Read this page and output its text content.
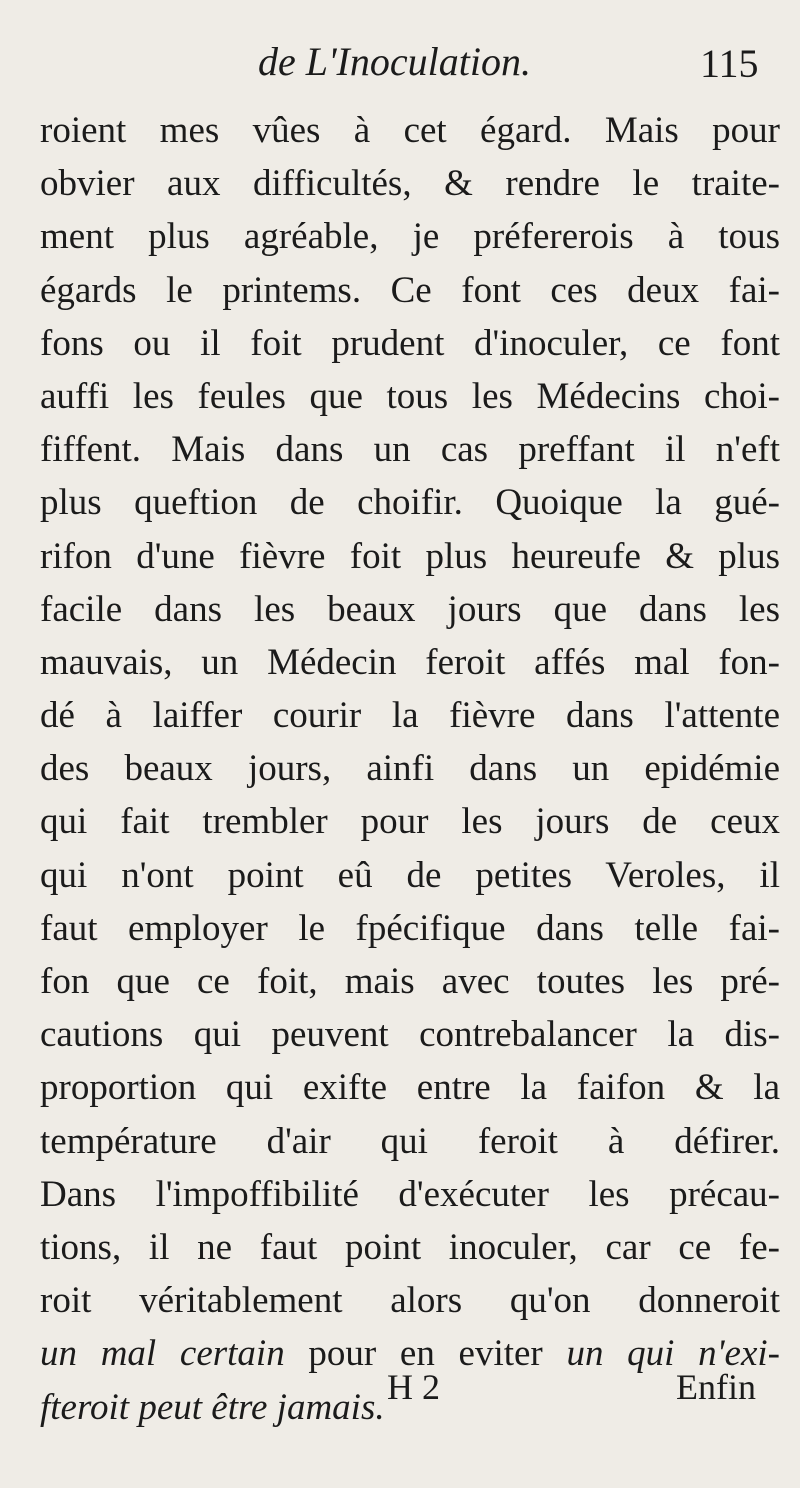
de L'Inoculation.	115
roient mes vûes à cet égard. Mais pour
obvier aux difficultés, & rendre le traite-
ment plus agréable, je préfererois à tous
égards le printems. Ce font ces deux fai-
fons ou il foit prudent d'inoculer, ce font
auffi les feules que tous les Médecins choi-
fiffent. Mais dans un cas preffant il n'eft
plus queftion de choifir. Quoique la gué-
rifon d'une fièvre foit plus heureufe & plus
facile dans les beaux jours que dans les
mauvais, un Médecin feroit affés mal fon-
dé à laiffer courir la fièvre dans l'attente
des beaux jours, ainfi dans un epidémie
qui fait trembler pour les jours de ceux
qui n'ont point eû de petites Veroles, il
faut employer le fpécifique dans telle fai-
fon que ce foit, mais avec toutes les pré-
cautions qui peuvent contrebalancer la dis-
proportion qui exifte entre la faifon & la
température d'air qui feroit à défirer.
Dans l'impoffibilité d'exécuter les précau-
tions, il ne faut point inoculer, car ce fe-
roit véritablement alors qu'on donneroit
un mal certain pour en eviter un qui n'exi-
fteroit peut être jamais. H 2	Enfin
